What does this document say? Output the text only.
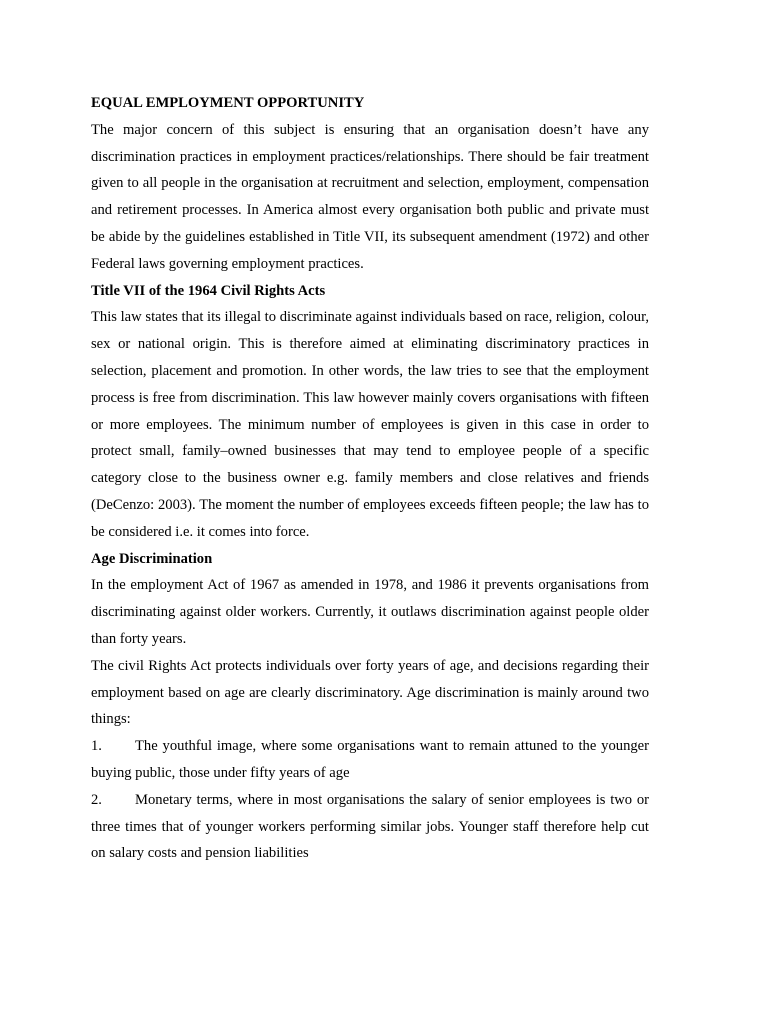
EQUAL EMPLOYMENT OPPORTUNITY

The major concern of this subject is ensuring that an organisation doesn’t have any discrimination practices in employment practices/relationships. There should be fair treatment given to all people in the organisation at recruitment and selection, employment, compensation and retirement processes. In America almost every organisation both public and private must be abide by the guidelines established in Title VII, its subsequent amendment (1972) and other Federal laws governing employment practices.

Title VII of the 1964 Civil Rights Acts

This law states that its illegal to discriminate against individuals based on race, religion, colour, sex or national origin. This is therefore aimed at eliminating discriminatory practices in selection, placement and promotion. In other words, the law tries to see that the employment process is free from discrimination. This law however mainly covers organisations with fifteen or more employees. The minimum number of employees is given in this case in order to protect small, family–owned businesses that may tend to employee people of a specific category close to the business owner e.g. family members and close relatives and friends (DeCenzo: 2003). The moment the number of employees exceeds fifteen people; the law has to be considered i.e. it comes into force.

Age Discrimination

In the employment Act of 1967 as amended in 1978, and 1986 it prevents organisations from discriminating against older workers. Currently, it outlaws discrimination against people older than forty years.

The civil Rights Act protects individuals over forty years of age, and decisions regarding their employment based on age are clearly discriminatory. Age discrimination is mainly around two things:

1. The youthful image, where some organisations want to remain attuned to the younger buying public, those under fifty years of age

2. Monetary terms, where in most organisations the salary of senior employees is two or three times that of younger workers performing similar jobs. Younger staff therefore help cut on salary costs and pension liabilities
